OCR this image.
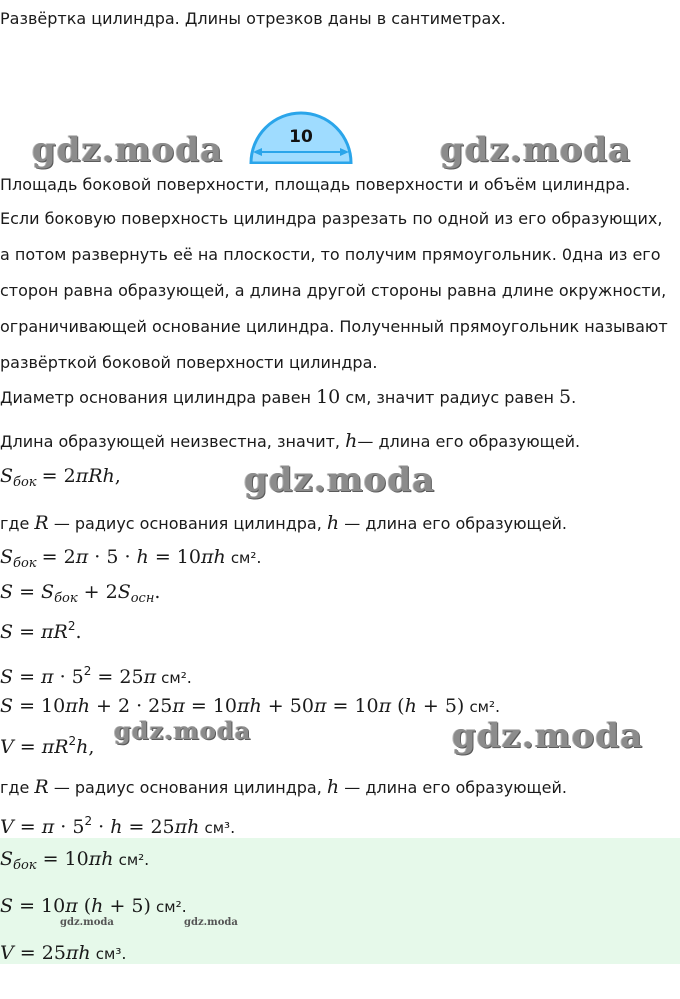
Развёртка цилиндра. Длины отрезков даны в сантиметрах.
10
gdz.moda	gdz.moda
Площадь боковой поверхности, площадь поверхности и объём цилиндра.
Если боковую поверхность цилиндра разрезать по одной из его образующих,
а потом развернуть её на плоскости, то получим прямоугольник. 0дна из его
сторон равна образующей, а длина другой стороны равна длине окружности,
ограничивающей основание цилиндра. Полученный прямоугольник называют
развёрткой боковой поверхности цилиндра.
Диаметр основания цилиндра равен 10 см, значит радиус равен 5.
Длина образующей неизвестна, значит, h— длина его образующей.
$S_{бок} = 2\pi Rh$,	gdz.moda
где R — радиус основания цилиндра, h — длина его образующей.
$S_{бок} = 2\pi \cdot 5 \cdot h = 10\pi h$ см².
$S = S_{бок} + 2S_{осн}$.
$S = \pi R^2$.
$S = \pi \cdot 5^2 = 25\pi$ см².
S = 10πh + 2 · 25π = 10πh + 50π = 10π (h + 5) см².
$V = \pi R^2h$,
gdz.moda	gdz.moda
где R — радиус основания цилиндра, h — длина его образующей.
$V = \pi \cdot 5^2 \cdot h = 25\pi h$ см³.
$S_{бок} = 10\pi h$ см².
S = 10π (h + 5) см².
gdz.moda	gdz.moda
V = 25πh см³.
